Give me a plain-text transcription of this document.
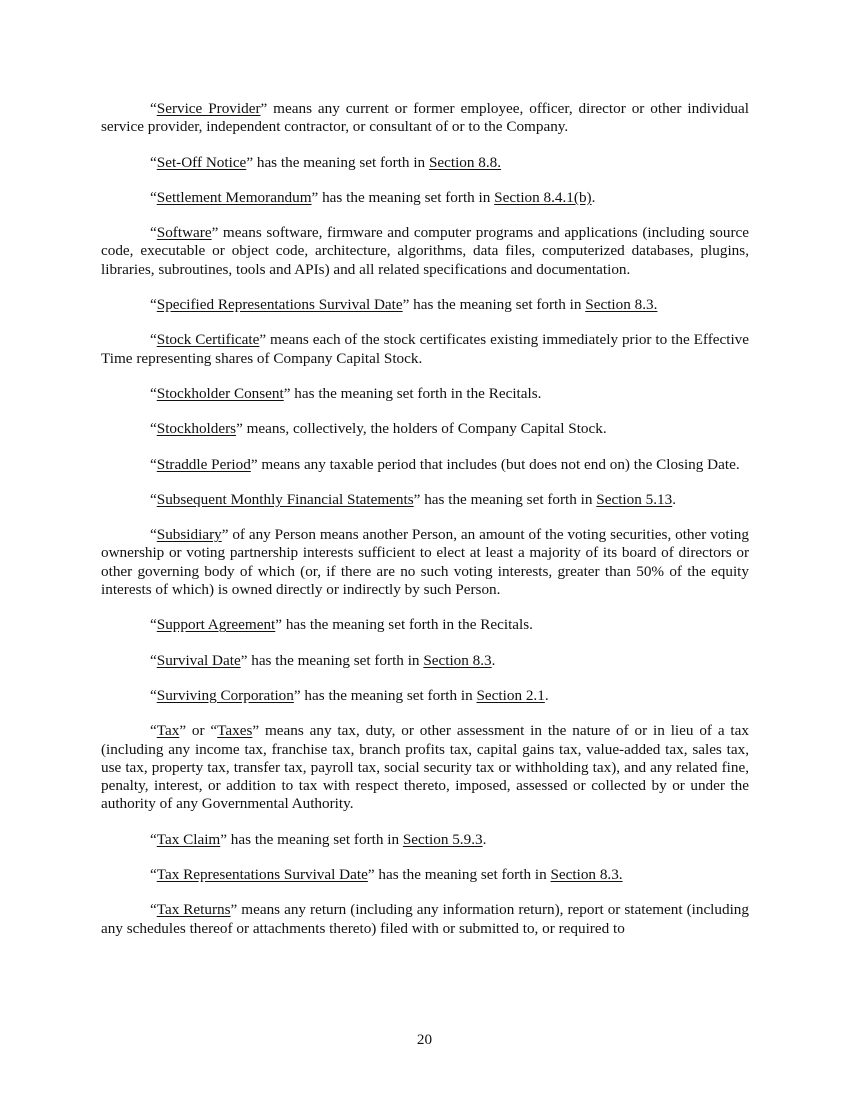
“Service Provider” means any current or former employee, officer, director or other individual service provider, independent contractor, or consultant of or to the Company.

“Set-Off Notice” has the meaning set forth in Section 8.8.

“Settlement Memorandum” has the meaning set forth in Section 8.4.1(b).

“Software” means software, firmware and computer programs and applications (including source code, executable or object code, architecture, algorithms, data files, computerized databases, plugins, libraries, subroutines, tools and APIs) and all related specifications and documentation.

“Specified Representations Survival Date” has the meaning set forth in Section 8.3.

“Stock Certificate” means each of the stock certificates existing immediately prior to the Effective Time representing shares of Company Capital Stock.

“Stockholder Consent” has the meaning set forth in the Recitals.

“Stockholders” means, collectively, the holders of Company Capital Stock.

“Straddle Period” means any taxable period that includes (but does not end on) the Closing Date.

“Subsequent Monthly Financial Statements” has the meaning set forth in Section 5.13.

“Subsidiary” of any Person means another Person, an amount of the voting securities, other voting ownership or voting partnership interests sufficient to elect at least a majority of its board of directors or other governing body of which (or, if there are no such voting interests, greater than 50% of the equity interests of which) is owned directly or indirectly by such Person.

“Support Agreement” has the meaning set forth in the Recitals.

“Survival Date” has the meaning set forth in Section 8.3.

“Surviving Corporation” has the meaning set forth in Section 2.1.

“Tax” or “Taxes” means any tax, duty, or other assessment in the nature of or in lieu of a tax (including any income tax, franchise tax, branch profits tax, capital gains tax, value-added tax, sales tax, use tax, property tax, transfer tax, payroll tax, social security tax or withholding tax), and any related fine, penalty, interest, or addition to tax with respect thereto, imposed, assessed or collected by or under the authority of any Governmental Authority.

“Tax Claim” has the meaning set forth in Section 5.9.3.

“Tax Representations Survival Date” has the meaning set forth in Section 8.3.

“Tax Returns” means any return (including any information return), report or statement (including any schedules thereof or attachments thereto) filed with or submitted to, or required to

20
